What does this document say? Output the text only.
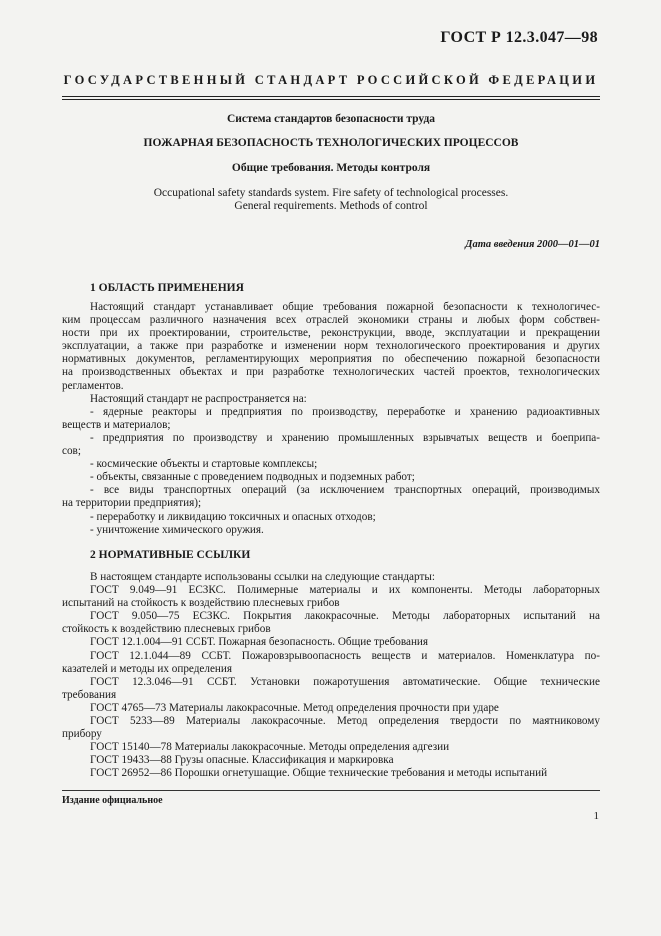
ГОСТ Р 12.3.047—98
ГОСУДАРСТВЕННЫЙ СТАНДАРТ РОССИЙСКОЙ ФЕДЕРАЦИИ
Система стандартов безопасности труда
ПОЖАРНАЯ БЕЗОПАСНОСТЬ ТЕХНОЛОГИЧЕСКИХ ПРОЦЕССОВ
Общие требования. Методы контроля
Occupational safety standards system. Fire safety of technological processes.
General requirements. Methods of control
Дата введения 2000—01—01
1 ОБЛАСТЬ ПРИМЕНЕНИЯ
Настоящий стандарт устанавливает общие требования пожарной безопасности к технологичес-
ким процессам различного назначения всех отраслей экономики страны и любых форм собствен-
ности при их проектировании, строительстве, реконструкции, вводе, эксплуатации и прекращении
эксплуатации, а также при разработке и изменении норм технологического проектирования и других
нормативных документов, регламентирующих мероприятия по обеспечению пожарной безопасности
на производственных объектах и при разработке технологических частей проектов, технологических
регламентов.
Настоящий стандарт не распространяется на:
- ядерные реакторы и предприятия по производству, переработке и хранению радиоактивных
веществ и материалов;
- предприятия по производству и хранению промышленных взрывчатых веществ и боеприпа-
сов;
- космические объекты и стартовые комплексы;
- объекты, связанные с проведением подводных и подземных работ;
- все виды транспортных операций (за исключением транспортных операций, производимых
на территории предприятия);
- переработку и ликвидацию токсичных и опасных отходов;
- уничтожение химического оружия.
2 НОРМАТИВНЫЕ ССЫЛКИ
В настоящем стандарте использованы ссылки на следующие стандарты:
ГОСТ 9.049—91 ЕСЗКС. Полимерные материалы и их компоненты. Методы лабораторных
испытаний на стойкость к воздействию плесневых грибов
ГОСТ 9.050—75 ЕСЗКС. Покрытия лакокрасочные. Методы лабораторных испытаний на
стойкость к воздействию плесневых грибов
ГОСТ 12.1.004—91 ССБТ. Пожарная безопасность. Общие требования
ГОСТ 12.1.044—89 ССБТ. Пожаровзрывоопасность веществ и материалов. Номенклатура по-
казателей и методы их определения
ГОСТ 12.3.046—91 ССБТ. Установки пожаротушения автоматические. Общие технические
требования
ГОСТ 4765—73 Материалы лакокрасочные. Метод определения прочности при ударе
ГОСТ 5233—89 Материалы лакокрасочные. Метод определения твердости по маятниковому
прибору
ГОСТ 15140—78 Материалы лакокрасочные. Методы определения адгезии
ГОСТ 19433—88 Грузы опасные. Классификация и маркировка
ГОСТ 26952—86 Порошки огнетушащие. Общие технические требования и методы испытаний
Издание официальное
1
